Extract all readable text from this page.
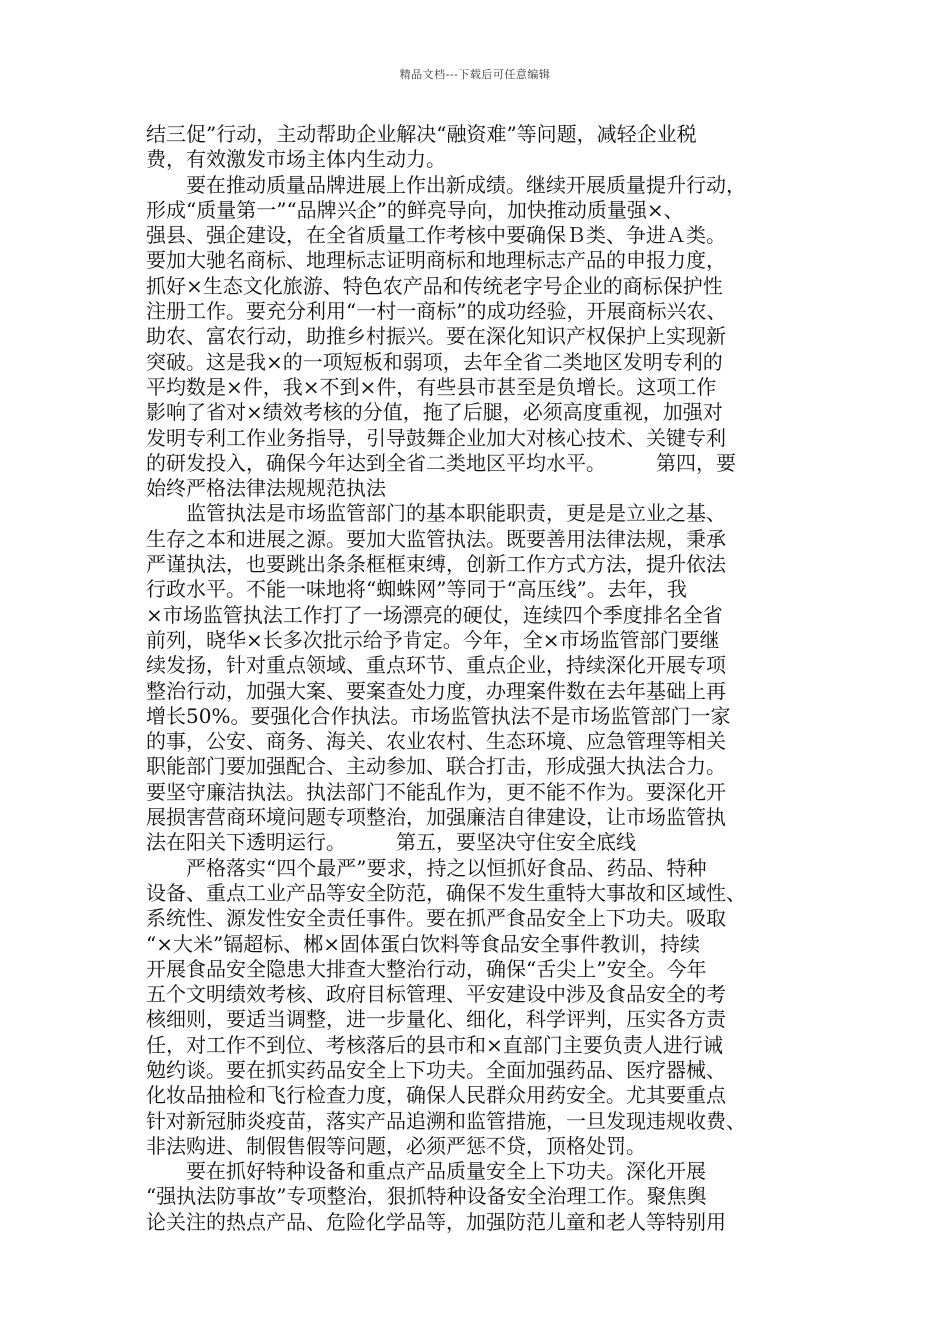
精品文档---下载后可任意编辑
结三促”行动，主动帮助企业解决“融资难”等问题，减轻企业税
费，有效激发市场主体内生动力。
　　要在推动质量品牌进展上作出新成绩。继续开展质量提升行动，
形成“质量第一”“品牌兴企”的鲜亮导向，加快推动质量强×、
强县、强企建设，在全省质量工作考核中要确保Ｂ类、争进Ａ类。
要加大驰名商标、地理标志证明商标和地理标志产品的申报力度，
抓好×生态文化旅游、特色农产品和传统老字号企业的商标保护性
注册工作。要充分利用“一村一商标”的成功经验，开展商标兴农、
助农、富农行动，助推乡村振兴。要在深化知识产权保护上实现新
突破。这是我×的一项短板和弱项，去年全省二类地区发明专利的
平均数是×件，我×不到×件，有些县市甚至是负增长。这项工作
影响了省对×绩效考核的分值，拖了后腿，必须高度重视，加强对
发明专利工作业务指导，引导鼓舞企业加大对核心技术、关键专利
的研发投入，确保今年达到全省二类地区平均水平。　　　第四，要
始终严格法律法规规范执法
　　监管执法是市场监管部门的基本职能职责，更是是立业之基、
生存之本和进展之源。要加大监管执法。既要善用法律法规，秉承
严谨执法，也要跳出条条框框束缚，创新工作方式方法，提升依法
行政水平。不能一味地将“蜘蛛网”等同于“高压线”。去年，我
×市场监管执法工作打了一场漂亮的硬仗，连续四个季度排名全省
前列，晓华×长多次批示给予肯定。今年，全×市场监管部门要继
续发扬，针对重点领域、重点环节、重点企业，持续深化开展专项
整治行动，加强大案、要案查处力度，办理案件数在去年基础上再
增长50%。要强化合作执法。市场监管执法不是市场监管部门一家
的事，公安、商务、海关、农业农村、生态环境、应急管理等相关
职能部门要加强配合、主动参加、联合打击，形成强大执法合力。
要坚守廉洁执法。执法部门不能乱作为，更不能不作为。要深化开
展损害营商环境问题专项整治，加强廉洁自律建设，让市场监管执
法在阳关下透明运行。　　　第五，要坚决守住安全底线
　　严格落实“四个最严”要求，持之以恒抓好食品、药品、特种
设备、重点工业产品等安全防范，确保不发生重特大事故和区域性、
系统性、源发性安全责任事件。要在抓严食品安全上下功夫。吸取
“×大米”镉超标、郴×固体蛋白饮料等食品安全事件教训，持续
开展食品安全隐患大排查大整治行动，确保“舌尖上”安全。今年
五个文明绩效考核、政府目标管理、平安建设中涉及食品安全的考
核细则，要适当调整，进一步量化、细化，科学评判，压实各方责
任，对工作不到位、考核落后的县市和×直部门主要负责人进行诫
勉约谈。要在抓实药品安全上下功夫。全面加强药品、医疗器械、
化妆品抽检和飞行检查力度，确保人民群众用药安全。尤其要重点
针对新冠肺炎疫苗，落实产品追溯和监管措施，一旦发现违规收费、
非法购进、制假售假等问题，必须严惩不贷，顶格处罚。
　　要在抓好特种设备和重点产品质量安全上下功夫。深化开展
“强执法防事故”专项整治，狠抓特种设备安全治理工作。聚焦舆
论关注的热点产品、危险化学品等，加强防范儿童和老人等特别用
